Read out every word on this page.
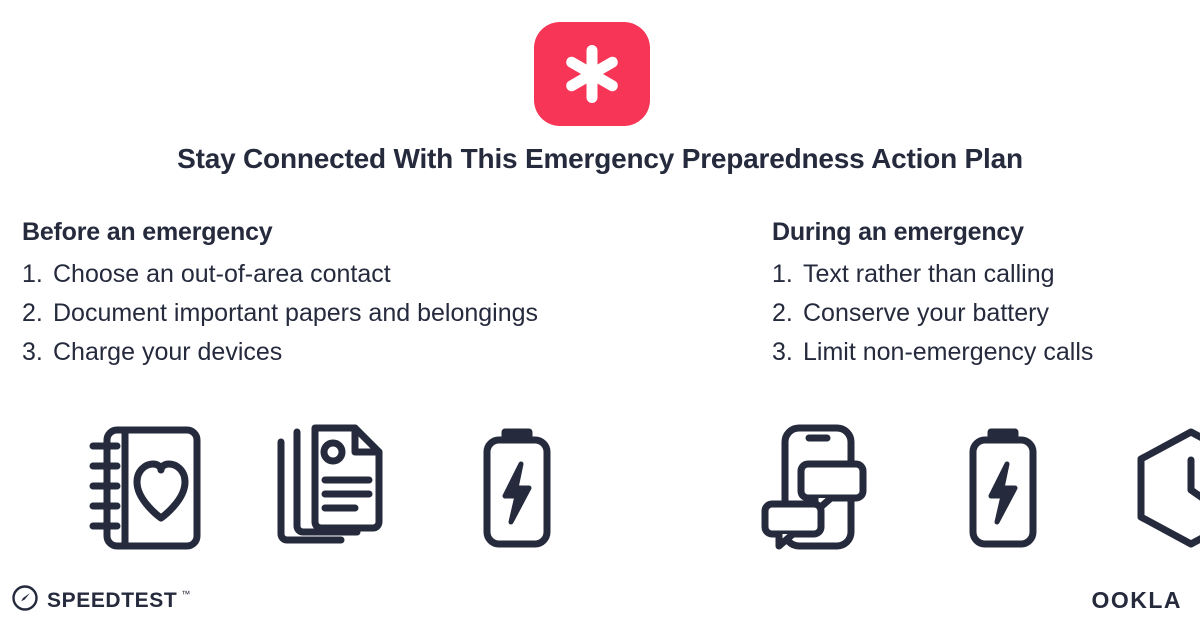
Stay Connected With This Emergency Preparedness Action Plan
Before an emergency
1. Choose an out-of-area contact
2. Document important papers and belongings
3. Charge your devices
During an emergency
1. Text rather than calling
2. Conserve your battery
3. Limit non-emergency calls
SPEEDTEST ™	OOKLA
